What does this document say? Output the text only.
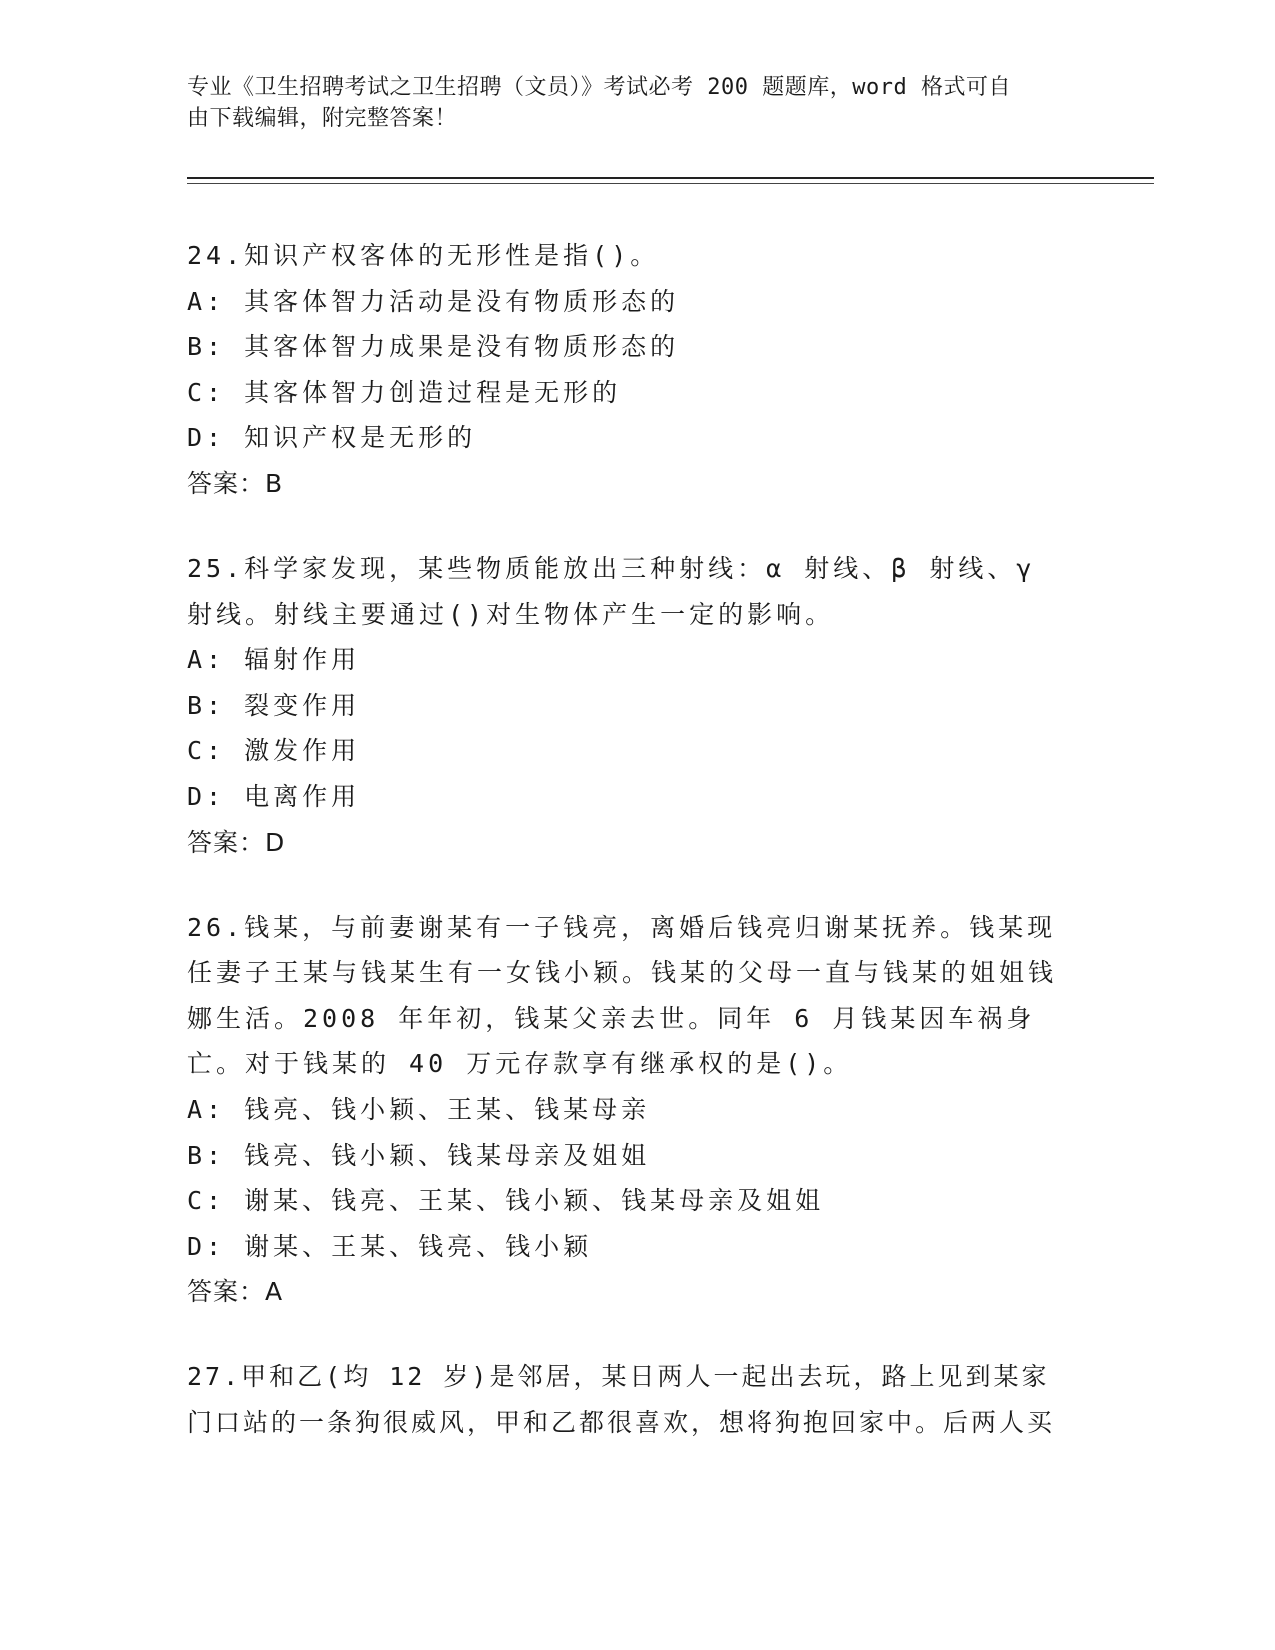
专业《卫生招聘考试之卫生招聘（文员）》考试必考 200 题题库，word 格式可自
由下载编辑，附完整答案！
24.知识产权客体的无形性是指()。
A: 其客体智力活动是没有物质形态的
B: 其客体智力成果是没有物质形态的
C: 其客体智力创造过程是无形的
D: 知识产权是无形的
答案：B
25.科学家发现，某些物质能放出三种射线：α 射线、β 射线、γ 射线。射线主要通过()对生物体产生一定的影响。
A: 辐射作用
B: 裂变作用
C: 激发作用
D: 电离作用
答案：D
26.钱某，与前妻谢某有一子钱亮，离婚后钱亮归谢某抚养。钱某现任妻子王某与钱某生有一女钱小颖。钱某的父母一直与钱某的姐姐钱娜生活。2008 年年初，钱某父亲去世。同年 6 月钱某因车祸身亡。对于钱某的 40 万元存款享有继承权的是()。
A: 钱亮、钱小颖、王某、钱某母亲
B: 钱亮、钱小颖、钱某母亲及姐姐
C: 谢某、钱亮、王某、钱小颖、钱某母亲及姐姐
D: 谢某、王某、钱亮、钱小颖
答案：A
27.甲和乙(均 12 岁)是邻居，某日两人一起出去玩，路上见到某家门口站的一条狗很威风，甲和乙都很喜欢，想将狗抱回家中。后两人买
